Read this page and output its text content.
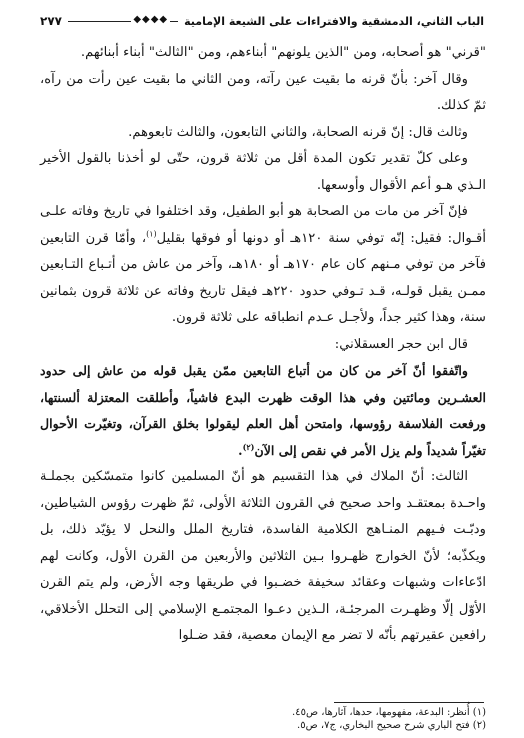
الباب الثاني، الدمشقية والافتراءات على الشيعة الإمامية
◆◆◆◆
٢٧٧

"قرني" هو أصحابه، ومن "الذين يلونهم" أبناءهم، ومن "الثالث" أبناء أبنائهم.

وقال آخر: بأنّ قرنه ما بقيت عين رآته، ومن الثاني ما بقيت عين رأت من رآه، ثمّ كذلك.

وثالث قال: إنّ قرنه الصحابة، والثاني التابعون، والثالث تابعوهم.

وعلى كلّ تقدير تكون المدة أقل من ثلاثة قرون، حتّى لو أخذنا بالقول الأخير الـذي هـو أعم الأقوال وأوسعها.

فإنّ آخر من مات من الصحابة هو أبو الطفيل، وقد اختلفوا في تاريخ وفاته علـى أقـوال: فقيل: إنّه توفي سنة ١٢٠هـ أو دونها أو فوقها بقليل$^{(١)}$، وأمّا قرن التابعين فآخر من توفي مـنهم كان عام ١٧٠هـ أو ١٨٠هـ، وآخر من عاش من أتـباع التـابعين ممـن يقبل قولـه، قـد تـوفي حدود ٢٢٠هـ فيقل تاريخ وفاته عن ثلاثة قرون بثمانين سنة، وهذا كثير جداً، ولأجـل عـدم انطباقه على ثلاثة قرون.

قال ابن حجر العسقلاني:

واتّفقوا أنّ آخر من كان من أتباع التابعين ممّن يقبل قوله من عاش إلى حدود العشـرين ومائتين وفي هذا الوقت ظهرت البدع فاشياً، وأطلقت المعتزلة ألسنتها، ورفعت الفلاسفة رؤوسها، وامتحن أهل العلم ليقولوا بخلق القرآن، وتغيّرت الأحوال تغيّراً شديداً ولم يزل الأمر في نقص إلى الآن$^{(٢)}$.

الثالث: أنّ الملاك في هذا التقسيم هو أنّ المسلمين كانوا متمسّكين بجملـة واحـدة بمعتقـد واحد صحيح في القرون الثلاثة الأولى، ثمّ ظهرت رؤوس الشياطين، ودبّـت فـيهم المنـاهج الكلامية الفاسدة، فتاريخ الملل والنحل لا يؤيّد ذلك، بل ويكذّبه؛ لأنّ الخوارج ظهـروا بـين الثلاثين والأربعين من القرن الأول، وكانت لهم ادّعاءات وشبهات وعقائد سخيفة خضـبوا في طريقها وجه الأرض، ولم يتم القرن الأوّل إلّا وظهـرت المرجئـة، الـذين دعـوا المجتمـع الإسلامي إلى التحلل الأخلاقي، رافعين عقيرتهم بأنّه لا تضر مع الإيمان معصية، فقد ضـلوا

(١) أُنظر: البدعة، مفهومها، حدها، آثارها، ص٤٥.

(٢) فتح الباري شرح صحيح البخاري، ج٧، ص٥.
